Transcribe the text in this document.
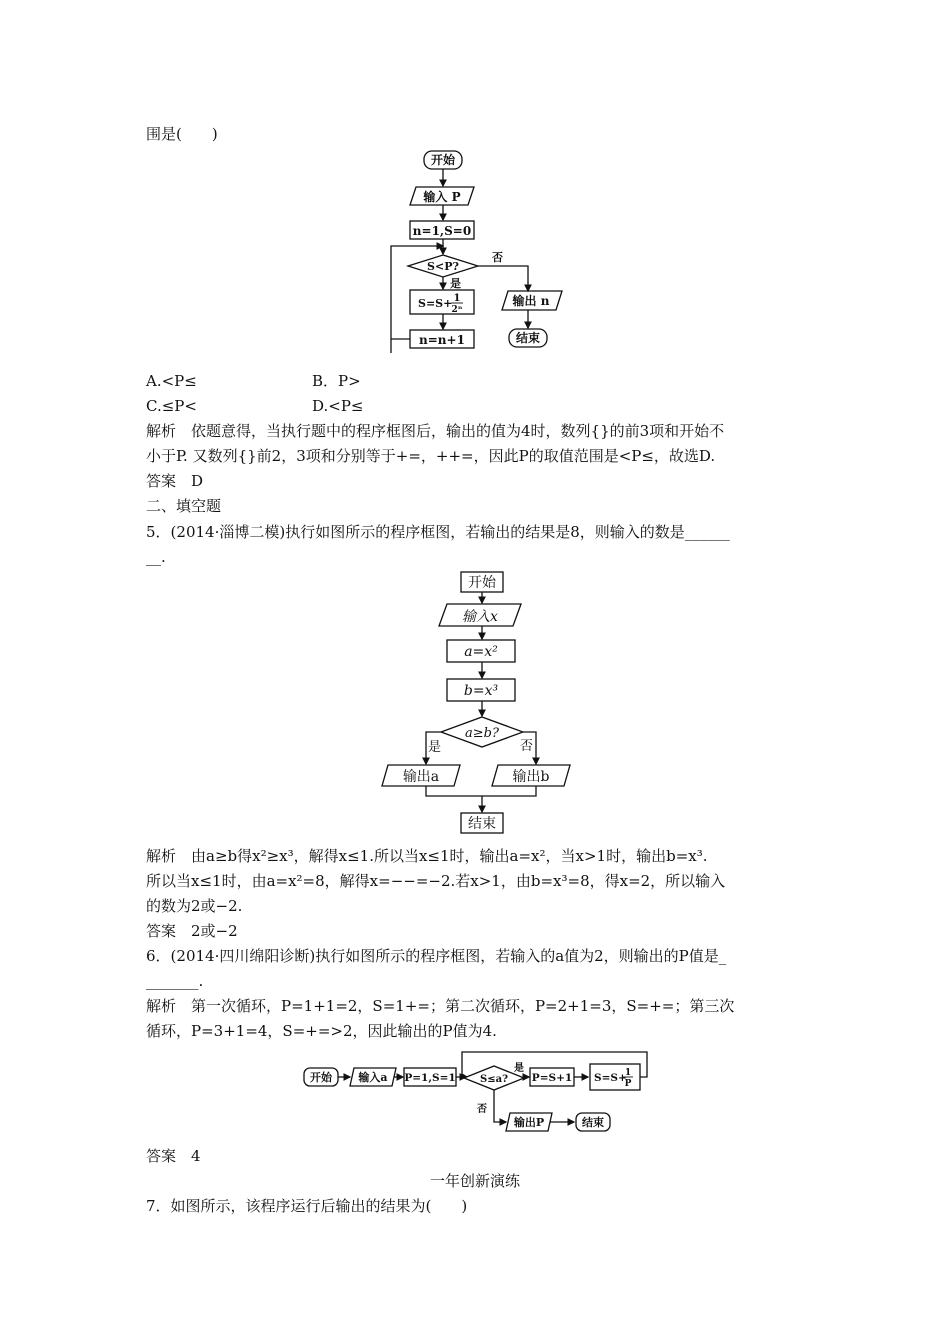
围是(　　)
开始
输入 P
n=1,S=0
S<P?
是
S=S+ 1
2ⁿ
n=n+1
否
输出 n
结束
A.<P≤	B．P>
C.≤P<	D.<P≤
解析　依题意得，当执行题中的程序框图后，输出的值为4时，数列{}的前3项和开始不
小于P. 又数列{}前2，3项和分别等于+=，++=，因此P的取值范围是<P≤，故选D.
答案　D
二、填空题
5．(2014·淄博二模)执行如图所示的程序框图，若输出的结果是8，则输入的数是______
__.
开始
输入x
a=x²
b=x³
a≥b?
是	否
输出a	输出b
结束
解析　由a≥b得x²≥x³，解得x≤1.所以当x≤1时，输出a=x²，当x>1时，输出b=x³.
所以当x≤1时，由a=x²=8，解得x=−−=−2.若x>1，由b=x³=8，得x=2，所以输入
的数为2或−2.
答案　2或−2
6．(2014·四川绵阳诊断)执行如图所示的程序框图，若输入的a值为2，则输出的P值是_
_______.
解析　第一次循环，P=1+1=2，S=1+=；第二次循环，P=2+1=3，S=+=；第三次
循环，P=3+1=4，S=+=>2，因此输出的P值为4.
开始 输入a P=1,S=1 S≤a?
是
P=S+1 S=S+
1
P
否
输出P	结束
答案　4
一年创新演练
7．如图所示，该程序运行后输出的结果为(　　)
